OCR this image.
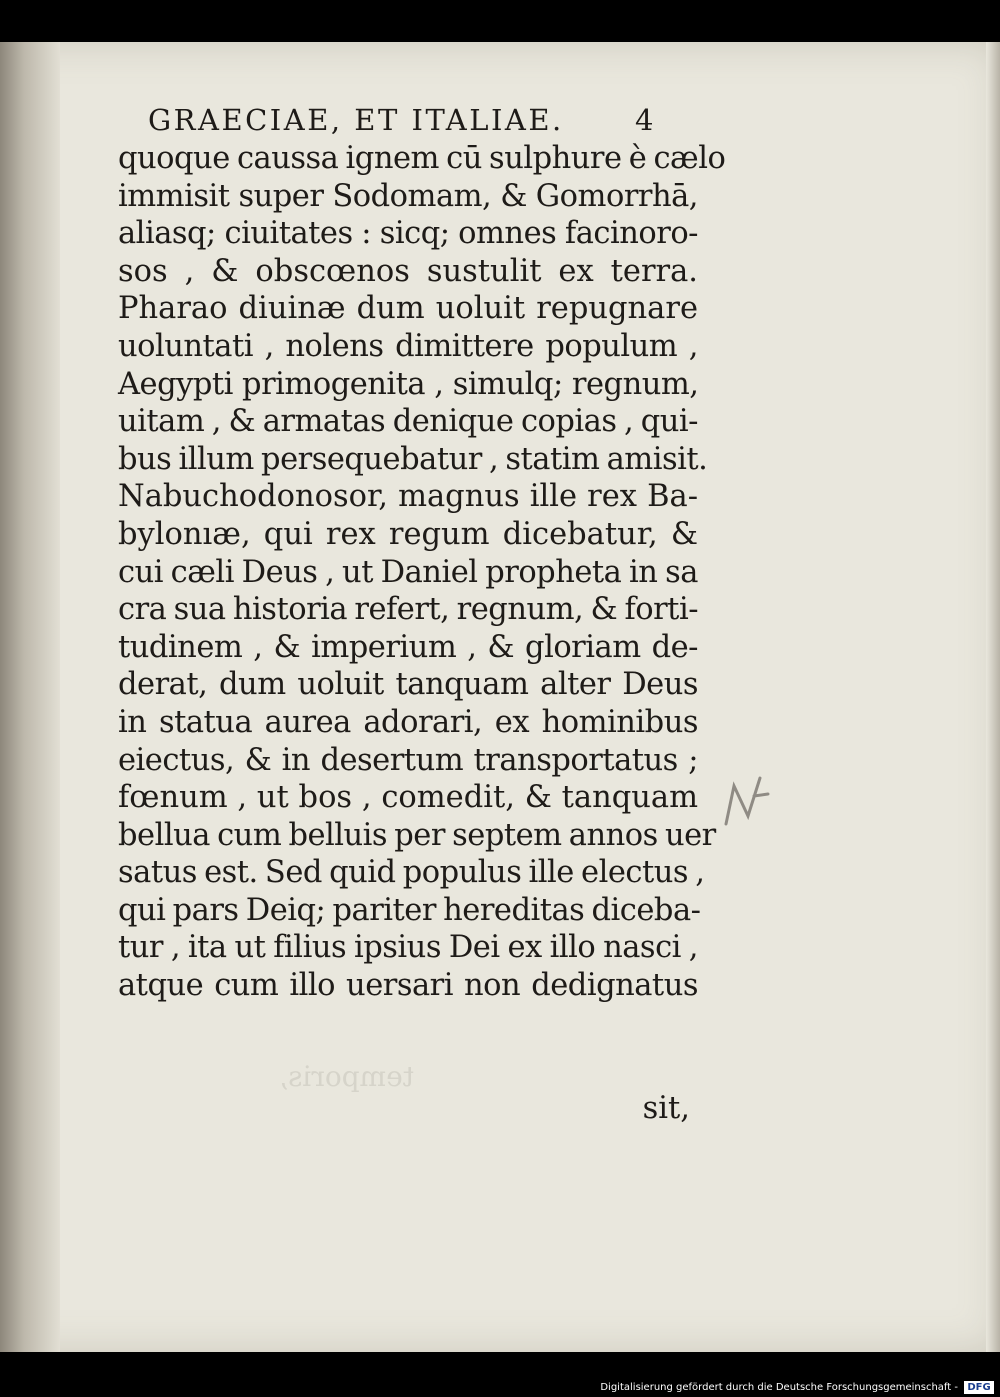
GRAECIAE, ET ITALIAE. 4
quoque caussa ignem cū sulphure è cælo
immisit super Sodomam, & Gomorrhā,
aliasq; ciuitates : sicq; omnes facinoro-
sos , & obscœnos sustulit ex terra.
Pharao diuinæ dum uoluit repugnare
uoluntati , nolens dimittere populum ,
Aegypti primogenita , simulq; regnum,
uitam , & armatas denique copias , qui-
bus illum persequebatur , statim amisit.
Nabuchodonosor, magnus ille rex Ba-
bylonıæ, qui rex regum dicebatur, &
cui cæli Deus , ut Daniel propheta in sa
cra sua historia refert, regnum, & forti-
tudinem , & imperium , & gloriam de-
derat, dum uoluit tanquam alter Deus
in statua aurea adorari, ex hominibus
eiectus, & in desertum transportatus ;
fœnum , ut bos , comedit, & tanquam
bellua cum belluis per septem annos uer
satus est. Sed quid populus ille electus ,
qui pars Deiq; pariter hereditas diceba-
tur , ita ut filius ipsius Dei ex illo nasci ,
atque cum illo uersari non dedignatus
sit,
temporis,
Digitalisierung gefördert durch die Deutsche Forschungsgemeinschaft - DFG
